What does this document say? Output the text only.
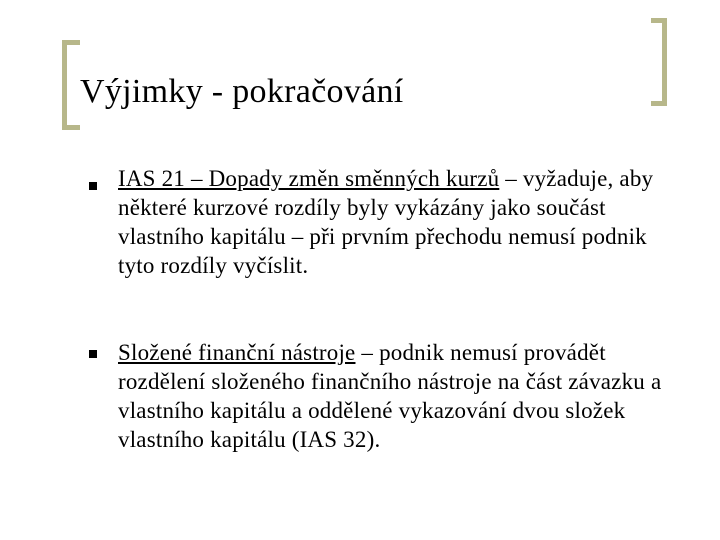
Výjimky - pokračování
IAS 21 – Dopady změn směnných kurzů – vyžaduje, aby některé kurzové rozdíly byly vykázány jako součást vlastního kapitálu – při prvním přechodu nemusí podnik tyto rozdíly vyčíslit.
Složené finanční nástroje – podnik nemusí provádět rozdělení složeného finančního nástroje na část závazku a vlastního kapitálu a oddělené vykazování dvou složek vlastního kapitálu (IAS 32).
